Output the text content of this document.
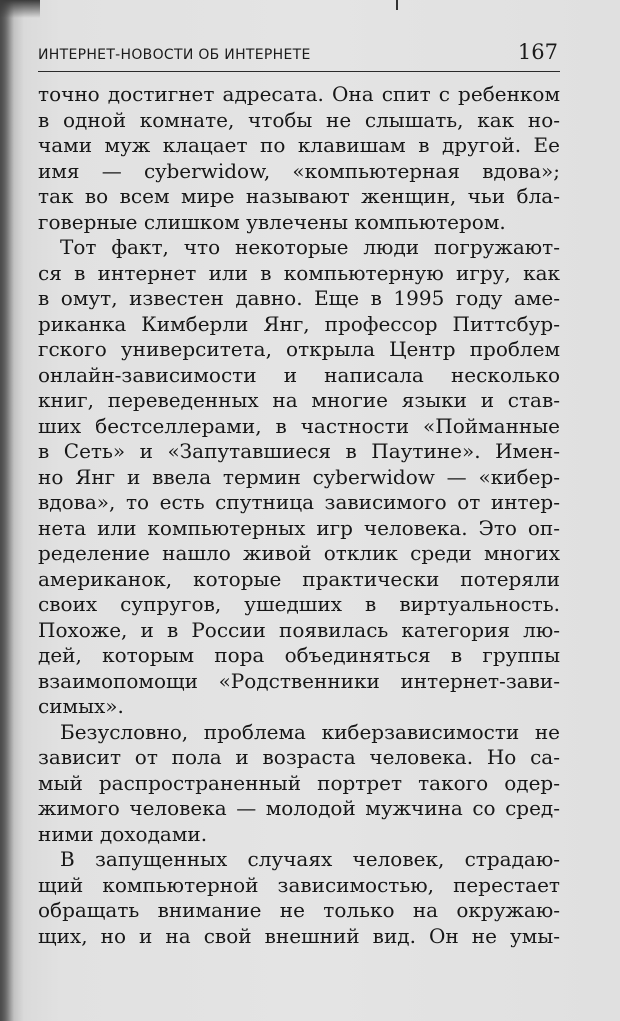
ИНТЕРНЕТ-НОВОСТИ ОБ ИНТЕРНЕТЕ	167
точно достигнет адресата. Она спит с ребенком
в одной комнате, чтобы не слышать, как но-
чами муж клацает по клавишам в другой. Ее
имя — cyberwidow, «компьютерная вдова»;
так во всем мире называют женщин, чьи бла-
говерные слишком увлечены компьютером.
Тот факт, что некоторые люди погружают-
ся в интернет или в компьютерную игру, как
в омут, известен давно. Еще в 1995 году аме-
риканка Кимберли Янг, профессор Питтсбур-
гского университета, открыла Центр проблем
онлайн-зависимости и написала несколько
книг, переведенных на многие языки и став-
ших бестселлерами, в частности «Пойманные
в Сеть» и «Запутавшиеся в Паутине». Имен-
но Янг и ввела термин cyberwidow — «кибер-
вдова», то есть спутница зависимого от интер-
нета или компьютерных игр человека. Это оп-
ределение нашло живой отклик среди многих
американок, которые практически потеряли
своих супругов, ушедших в виртуальность.
Похоже, и в России появилась категория лю-
дей, которым пора объединяться в группы
взаимопомощи «Родственники интернет-зави-
симых».
Безусловно, проблема киберзависимости не
зависит от пола и возраста человека. Но са-
мый распространенный портрет такого одер-
жимого человека — молодой мужчина со сред-
ними доходами.
В запущенных случаях человек, страдаю-
щий компьютерной зависимостью, перестает
обращать внимание не только на окружаю-
щих, но и на свой внешний вид. Он не умы-
